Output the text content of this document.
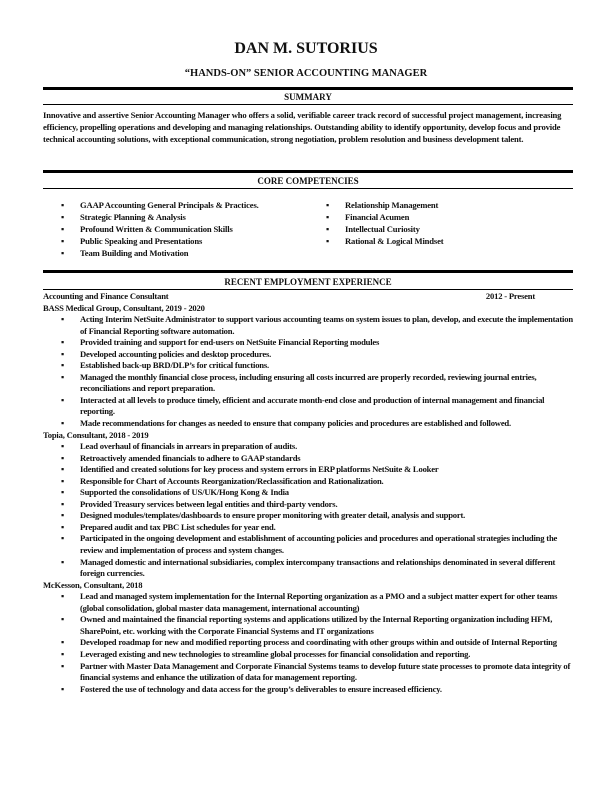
DAN M. SUTORIUS
“HANDS-ON” SENIOR ACCOUNTING MANAGER
SUMMARY
Innovative and assertive Senior Accounting Manager who offers a solid, verifiable career track record of successful project management, increasing efficiency, propelling operations and developing and managing relationships. Outstanding ability to identify opportunity, develop focus and provide technical accounting solutions, with exceptional communication, strong negotiation, problem resolution and business development talent.
CORE COMPETENCIES
▪ GAAP Accounting General Principals & Practices.
▪ Strategic Planning & Analysis
▪ Profound Written & Communication Skills
▪ Public Speaking and Presentations
▪ Team Building and Motivation
▪ Relationship Management
▪ Financial Acumen
▪ Intellectual Curiosity
▪ Rational & Logical Mindset
RECENT EMPLOYMENT EXPERIENCE
Accounting and Finance Consultant	2012 - Present
BASS Medical Group, Consultant, 2019 - 2020
▪ Acting Interim NetSuite Administrator to support various accounting teams on system issues to plan, develop, and execute the implementation of Financial Reporting software automation.
▪ Provided training and support for end-users on NetSuite Financial Reporting modules
▪ Developed accounting policies and desktop procedures.
▪ Established back-up BRD/DLP’s for critical functions.
▪ Managed the monthly financial close process, including ensuring all costs incurred are properly recorded, reviewing journal entries, reconciliations and report preparation.
▪ Interacted at all levels to produce timely, efficient and accurate month-end close and production of internal management and financial reporting.
▪ Made recommendations for changes as needed to ensure that company policies and procedures are established and followed.
Topia, Consultant, 2018 - 2019
▪ Lead overhaul of financials in arrears in preparation of audits.
▪ Retroactively amended financials to adhere to GAAP standards
▪ Identified and created solutions for key process and system errors in ERP platforms NetSuite & Looker
▪ Responsible for Chart of Accounts Reorganization/Reclassification and Rationalization.
▪ Supported the consolidations of US/UK/Hong Kong & India
▪ Provided Treasury services between legal entities and third-party vendors.
▪ Designed modules/templates/dashboards to ensure proper monitoring with greater detail, analysis and support.
▪ Prepared audit and tax PBC List schedules for year end.
▪ Participated in the ongoing development and establishment of accounting policies and procedures and operational strategies including the review and implementation of process and system changes.
▪ Managed domestic and international subsidiaries, complex intercompany transactions and relationships denominated in several different foreign currencies.
McKesson, Consultant, 2018
▪ Lead and managed system implementation for the Internal Reporting organization as a PMO and a subject matter expert for other teams (global consolidation, global master data management, international accounting)
▪ Owned and maintained the financial reporting systems and applications utilized by the Internal Reporting organization including HFM, SharePoint, etc. working with the Corporate Financial Systems and IT organizations
▪ Developed roadmap for new and modified reporting process and coordinating with other groups within and outside of Internal Reporting
▪ Leveraged existing and new technologies to streamline global processes for financial consolidation and reporting.
▪ Partner with Master Data Management and Corporate Financial Systems teams to develop future state processes to promote data integrity of financial systems and enhance the utilization of data for management reporting.
▪ Fostered the use of technology and data access for the group’s deliverables to ensure increased efficiency.
